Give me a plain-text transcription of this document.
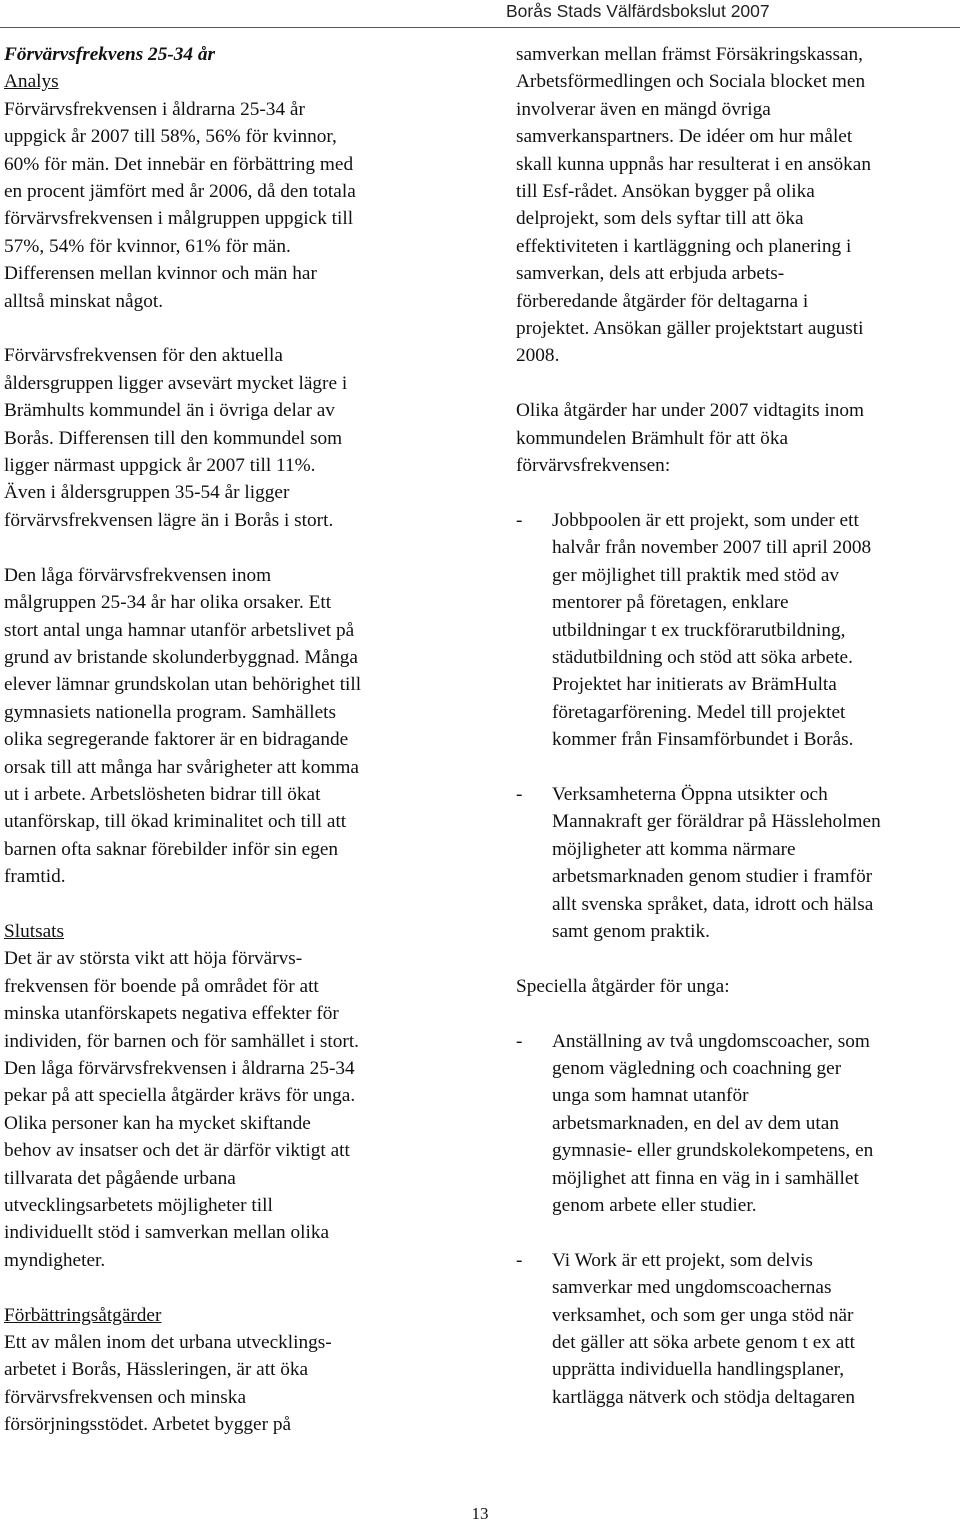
Borås Stads Välfärdsbokslut 2007
Förvärvsfrekvens 25-34 år
Analys
Förvärvsfrekvensen i åldrarna 25-34 år
uppgick år 2007 till 58%, 56% för kvinnor,
60% för män. Det innebär en förbättring med
en procent jämfört med år 2006, då den totala
förvärvsfrekvensen i målgruppen uppgick till
57%, 54% för kvinnor, 61% för män.
Differensen mellan kvinnor och män har
alltså minskat något.
Förvärvsfrekvensen för den aktuella
åldersgruppen ligger avsevärt mycket lägre i
Brämhults kommundel än i övriga delar av
Borås. Differensen till den kommundel som
ligger närmast uppgick år 2007 till 11%.
Även i åldersgruppen 35-54 år ligger
förvärvsfrekvensen lägre än i Borås i stort.
Den låga förvärvsfrekvensen inom
målgruppen 25-34 år har olika orsaker. Ett
stort antal unga hamnar utanför arbetslivet på
grund av bristande skolunderbyggnad. Många
elever lämnar grundskolan utan behörighet till
gymnasiets nationella program. Samhällets
olika segregerande faktorer är en bidragande
orsak till att många har svårigheter att komma
ut i arbete. Arbetslösheten bidrar till ökat
utanförskap, till ökad kriminalitet och till att
barnen ofta saknar förebilder inför sin egen
framtid.
Slutsats
Det är av största vikt att höja förvärvs-
frekvensen för boende på området för att
minska utanförskapets negativa effekter för
individen, för barnen och för samhället i stort.
Den låga förvärvsfrekvensen i åldrarna 25-34
pekar på att speciella åtgärder krävs för unga.
Olika personer kan ha mycket skiftande
behov av insatser och det är därför viktigt att
tillvarata det pågående urbana
utvecklingsarbetets möjligheter till
individuellt stöd i samverkan mellan olika
myndigheter.
Förbättringsåtgärder
Ett av målen inom det urbana utvecklings-
arbetet i Borås, Hässleringen, är att öka
förvärvsfrekvensen och minska
försörjningsstödet. Arbetet bygger på
samverkan mellan främst Försäkringskassan,
Arbetsförmedlingen och Sociala blocket men
involverar även en mängd övriga
samverkanspartners. De idéer om hur målet
skall kunna uppnås har resulterat i en ansökan
till Esf-rådet. Ansökan bygger på olika
delprojekt, som dels syftar till att öka
effektiviteten i kartläggning och planering i
samverkan, dels att erbjuda arbets-
förberedande åtgärder för deltagarna i
projektet. Ansökan gäller projektstart augusti
2008.
Olika åtgärder har under 2007 vidtagits inom
kommundelen Brämhult för att öka
förvärvsfrekvensen:
- Jobbpoolen är ett projekt, som under ett
halvår från november 2007 till april 2008
ger möjlighet till praktik med stöd av
mentorer på företagen, enklare
utbildningar t ex truckförarutbildning,
städutbildning och stöd att söka arbete.
Projektet har initierats av BrämHulta
företagarförening. Medel till projektet
kommer från Finsamförbundet i Borås.
- Verksamheterna Öppna utsikter och
Mannakraft ger föräldrar på Hässleholmen
möjligheter att komma närmare
arbetsmarknaden genom studier i framför
allt svenska språket, data, idrott och hälsa
samt genom praktik.
Speciella åtgärder för unga:
- Anställning av två ungdomscoacher, som
genom vägledning och coachning ger
unga som hamnat utanför
arbetsmarknaden, en del av dem utan
gymnasie- eller grundskolekompetens, en
möjlighet att finna en väg in i samhället
genom arbete eller studier.
- Vi Work är ett projekt, som delvis
samverkar med ungdomscoachernas
verksamhet, och som ger unga stöd när
det gäller att söka arbete genom t ex att
upprätta individuella handlingsplaner,
kartlägga nätverk och stödja deltagaren
13
